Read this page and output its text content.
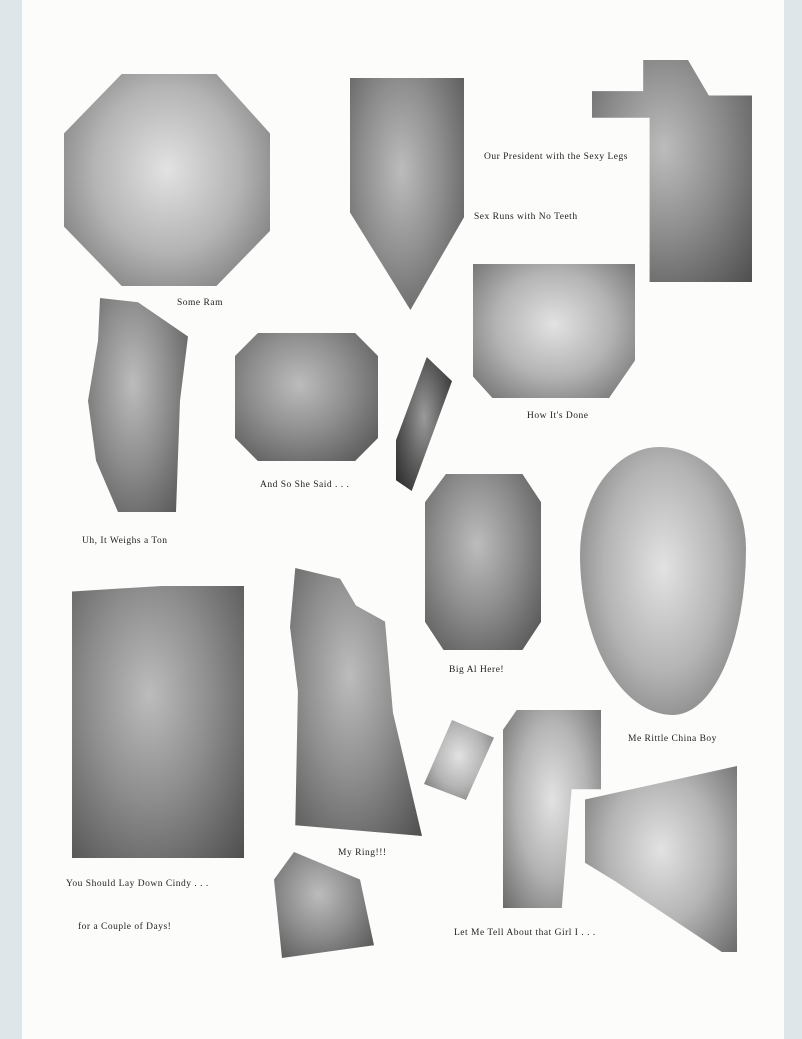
Some Ram
Sex Runs with No Teeth
Our President with the Sexy Legs
How It's Done
Uh, It Weighs a Ton
And So She Said . . .
Big Al Here!
Me Rittle China Boy
You Should Lay Down Cindy . . .
for a Couple of Days!
My Ring!!!
Let Me Tell About that Girl I . . .
